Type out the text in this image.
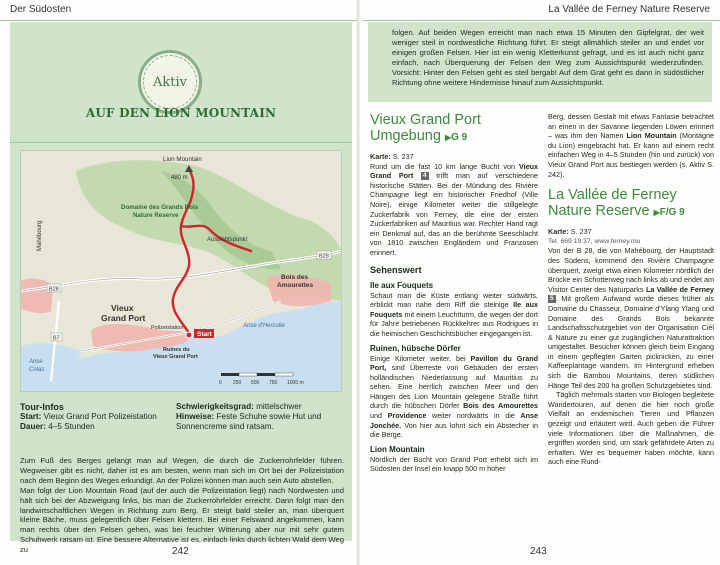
Der Südosten
Aktiv
AUF DEN LION MOUNTAIN
Start
B28
B28
B7
Lion Mountain
480 m
Domaine des Grands Bois Nature Reserve
Aussichtspunkt
Mahébourg
Vieux Grand Port
Bois des Amourettes
Anse d'Herculie
Polizeistation
Ruines du Vieux Grand Port
Anse Colas
0 250 500 750 1000 m
Tour-Infos
Start: Vieux Grand Port Polizeistation
Dauer: 4–5 Stunden
Schwierigkeitsgrad: mittelschwer
Hinweise: Feste Schuhe sowie Hut und Sonnencreme sind ratsam.

Zum Fuß des Berges gelangt man auf Wegen, die durch die Zuckerrohrfelder führen. Wegweiser gibt es nicht, daher ist es am besten, wenn man sich im Ort bei der Polizeistation nach dem Beginn des Weges erkundigt. An der Polizei können man auch sein Auto abstellen.

Man folgt der Lion Mountain Road (auf der auch die Polizeistation liegt) nach Nordwesten und hält sich bei der Abzweigung links, bis man die Zuckerrohrfelder erreicht. Dann folgt man den landwirtschaftlichen Wegen in Richtung zum Berg. Er steigt bald steiler an, man überquert kleine Bäche, muss gelegentlich über Felsen klettern. Bei einer Felswand angekommen, kann man rechts über den Felsen gehen, was bei feuchter Witterung aber nur mit sehr gutem Schuhwerk ratsam ist. Eine bessere Alternative ist es, einfach links durch lichten Wald dem Weg zu	242
La Vallée de Ferney Nature Reserve
folgen. Auf beiden Wegen erreicht man nach etwa 15 Minuten den Gipfelgrat, der weit weniger steil in nordwestliche Richtung führt. Er steigt allmählich steiler an und endet vor einigen großen Felsen. Hier ist ein wenig Kletterkunst gefragt, und es ist auch nicht ganz einfach, nach Überquerung der Felsen den Weg zum Aussichtspunkt wiederzufinden. Vorsicht: Hinter den Felsen geht es steil bergab! Auf dem Grat geht es dann in südöstlicher Richtung ohne weitere Hindernisse hinauf zum Aussichtspunkt.
Vieux Grand Port Umgebung ▶G 9
Karte: S. 237

Rund um die fast 10 km lange Bucht von Vieux Grand Port 4 trifft man auf verschiedene historische Stätten. Bei der Mündung des Rivière Champagne liegt ein historischer Friedhof (Ville Noire), einige Kilometer weiter die stillgelegte Zuckerfabrik von Ferney, die eine der ersten Zuckerfabriken auf Mauritius war. Rechter Hand ragt ein Denkmal auf, das an die berühmte Seeschlacht von 1810 zwischen Engländern und Franzosen erinnert.

Sehenswert
Ile aux Fouquets

Schaut man die Küste entlang weiter südwärts, erblickt man nahe dem Riff die steinige Ile aux Fouquets mit einem Leuchtturm, die wegen der dort für Jahre betriebenen Rückkehrer aus Rodrigues in die heimischen Geschichtsbücher eingegangen ist.

Ruinen, hübsche Dörfer

Einige Kilometer weiter, bei Pavillon du Grand Port, sind Überreste von Gebäuden der ersten holländischen Niederlassung auf Mauritius zu sehen. Eine herrlich zwischen Meer und den Hängen des Lion Mountain gelegene Straße führt durch die hübschen Dörfer Bois des Amourettes und Providence weiter nordwärts in die Anse Jonchée. Von hier aus lohnt sich ein Abstecher in die Berge.

Lion Mountain

Nördlich der Bucht von Grand Port erhebt sich im Südosten der Insel ein knapp 500 m hoher

Berg, dessen Gestalt mit etwas Fantasie betrachtet an einen in der Savanne liegenden Löwen erinnert – was ihm den Namen Lion Mountain (Montagne du Lion) eingebracht hat. Er kann auf einem recht einfachen Weg in 4–5 Stunden (hin und zurück) von Vieux Grand Port aus bestiegen werden (s. Aktiv S. 242).

La Vallée de Ferney Nature Reserve ▶F/G 9
Karte: S. 237
Tel. 669 19 37, www.ferney.mu

Von der B 28, die von Mahébourg, der Hauptstadt des Südens, kommend den Rivière Champagne überquert, zweigt etwa einen Kilometer nördlich der Brücke ein Schotterweg nach links ab und endet am Visitor Center des Naturparks La Vallée de Ferney 5 . Mit großem Aufwand wurde dieses früher als Domaine du Chasseur, Domaine d'Ylang Ylang und Domaine des Grands Bois bekannte Landschaftsschutzgebiet von der Organisation Ciél & Nature zu einer gut zugänglichen Naturattraktion umgestaltet. Besucher können gleich beim Eingang in einem gepflegten Garten picknicken, zu einer Kaffeeplantage wandern. Im Hintergrund erheben sich die Bambou Mountains, deren südlichen Hänge Teil des 200 ha großen Schutzgebietes sind.

Täglich mehrmals starten von Biologen begleitete Wandertouren, auf denen die hier noch große Vielfalt an endemischen Tieren und Pflanzen gezeigt und erläutert wird. Auch geben die Führer viele Informationen über die Maßnahmen, die ergriffen worden sind, um stark gefährdete Arten zu erhalten. Wer es bequemer haben möchte, kann auch eine Rund-

243
